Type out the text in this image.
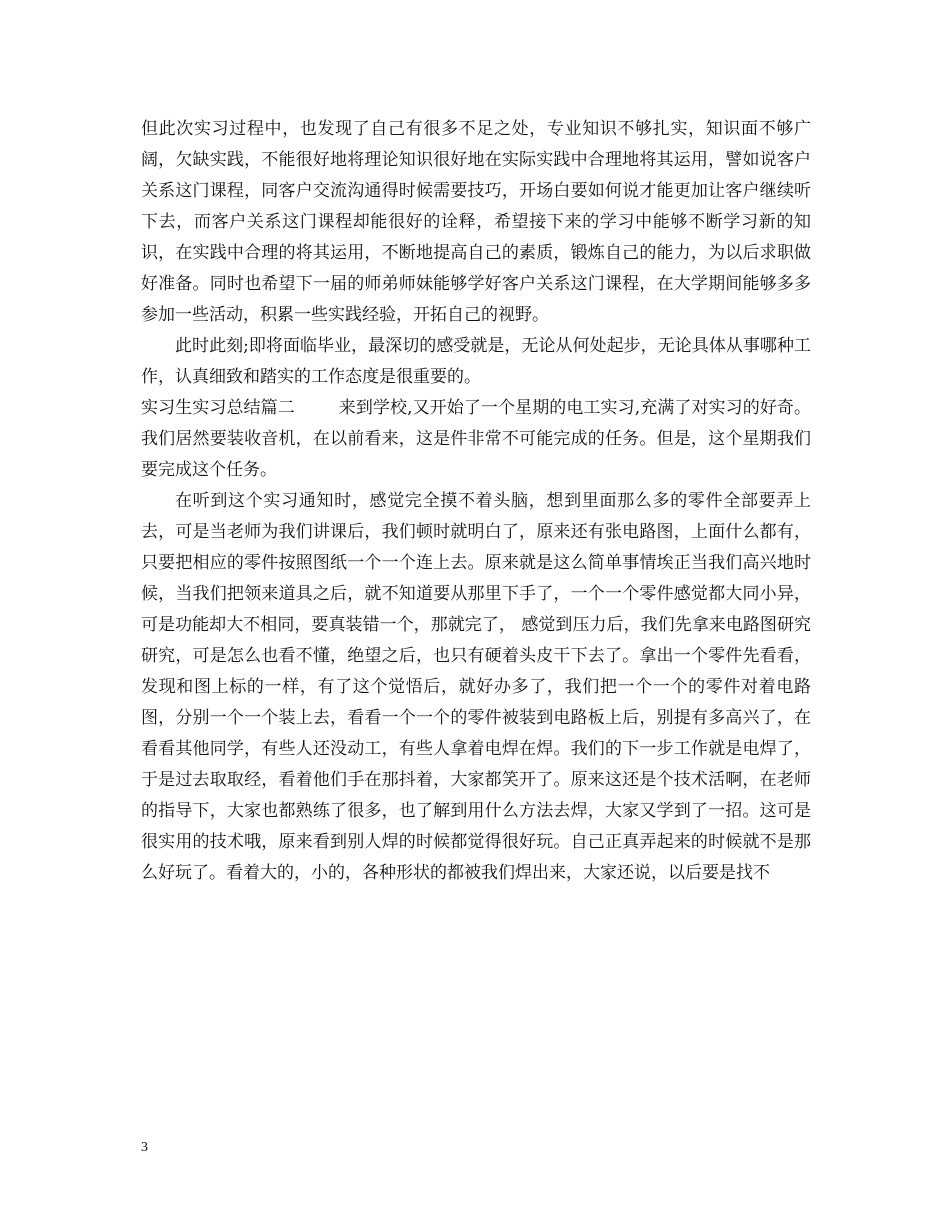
但此次实习过程中，也发现了自己有很多不足之处，专业知识不够扎实，知识面不够广阔，欠缺实践，不能很好地将理论知识很好地在实际实践中合理地将其运用，譬如说客户关系这门课程，同客户交流沟通得时候需要技巧，开场白要如何说才能更加让客户继续听下去，而客户关系这门课程却能很好的诠释，希望接下来的学习中能够不断学习新的知识，在实践中合理的将其运用，不断地提高自己的素质，锻炼自己的能力，为以后求职做好准备。同时也希望下一届的师弟师妹能够学好客户关系这门课程，在大学期间能够多多参加一些活动，积累一些实践经验，开拓自己的视野。

此时此刻;即将面临毕业，最深切的感受就是，无论从何处起步，无论具体从事哪种工作，认真细致和踏实的工作态度是很重要的。

实习生实习总结篇二	来到学校,又开始了一个星期的电工实习,充满了对实习的好奇。我们居然要装收音机，在以前看来，这是件非常不可能完成的任务。但是，这个星期我们要完成这个任务。

在听到这个实习通知时，感觉完全摸不着头脑，想到里面那么多的零件全部要弄上去，可是当老师为我们讲课后，我们顿时就明白了，原来还有张电路图，上面什么都有，只要把相应的零件按照图纸一个一个连上去。原来就是这么简单事情埃正当我们高兴地时候，当我们把领来道具之后，就不知道要从那里下手了，一个一个零件感觉都大同小异，可是功能却大不相同，要真装错一个，那就完了， 感觉到压力后，我们先拿来电路图研究研究，可是怎么也看不懂，绝望之后，也只有硬着头皮干下去了。拿出一个零件先看看，发现和图上标的一样，有了这个觉悟后，就好办多了，我们把一个一个的零件对着电路图，分别一个一个装上去，看看一个一个的零件被装到电路板上后，别提有多高兴了，在看看其他同学，有些人还没动工，有些人拿着电焊在焊。我们的下一步工作就是电焊了，于是过去取取经，看着他们手在那抖着，大家都笑开了。原来这还是个技术活啊，在老师的指导下，大家也都熟练了很多，也了解到用什么方法去焊，大家又学到了一招。这可是很实用的技术哦，原来看到别人焊的时候都觉得很好玩。自己正真弄起来的时候就不是那么好玩了。看着大的，小的，各种形状的都被我们焊出来，大家还说，以后要是找不

3
